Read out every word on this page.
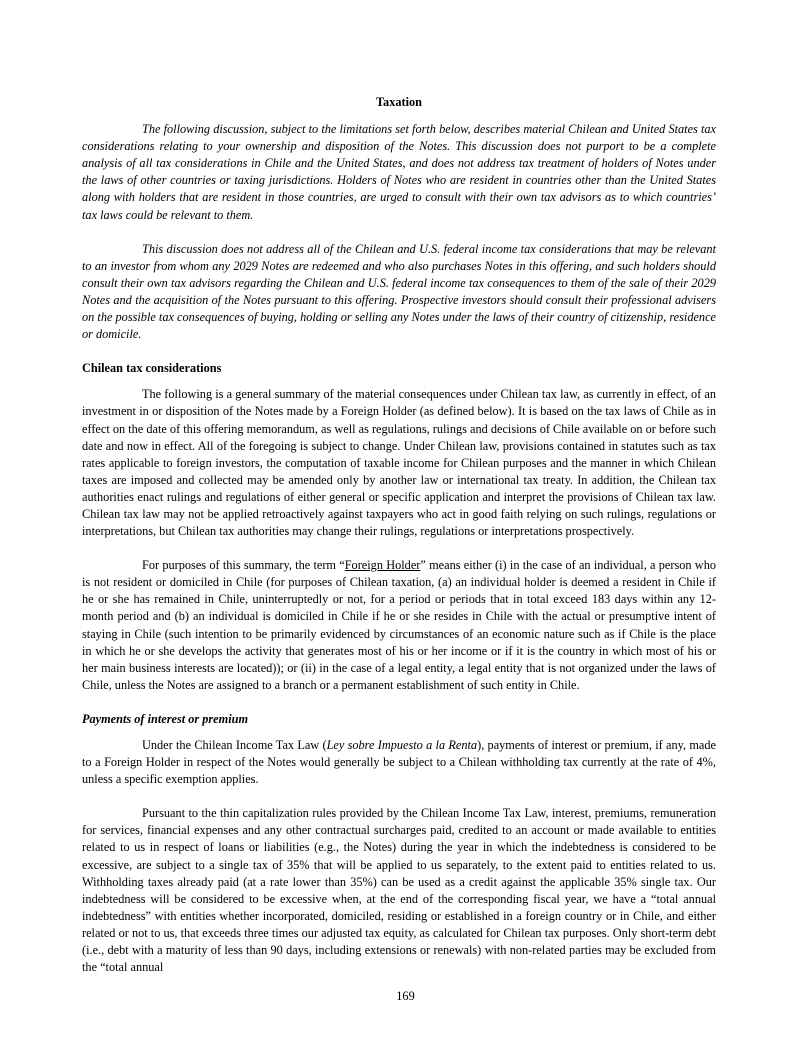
Taxation

The following discussion, subject to the limitations set forth below, describes material Chilean and United States tax considerations relating to your ownership and disposition of the Notes. This discussion does not purport to be a complete analysis of all tax considerations in Chile and the United States, and does not address tax treatment of holders of Notes under the laws of other countries or taxing jurisdictions. Holders of Notes who are resident in countries other than the United States along with holders that are resident in those countries, are urged to consult with their own tax advisors as to which countries’ tax laws could be relevant to them.

This discussion does not address all of the Chilean and U.S. federal income tax considerations that may be relevant to an investor from whom any 2029 Notes are redeemed and who also purchases Notes in this offering, and such holders should consult their own tax advisors regarding the Chilean and U.S. federal income tax consequences to them of the sale of their 2029 Notes and the acquisition of the Notes pursuant to this offering. Prospective investors should consult their professional advisers on the possible tax consequences of buying, holding or selling any Notes under the laws of their country of citizenship, residence or domicile.

Chilean tax considerations

The following is a general summary of the material consequences under Chilean tax law, as currently in effect, of an investment in or disposition of the Notes made by a Foreign Holder (as defined below). It is based on the tax laws of Chile as in effect on the date of this offering memorandum, as well as regulations, rulings and decisions of Chile available on or before such date and now in effect. All of the foregoing is subject to change. Under Chilean law, provisions contained in statutes such as tax rates applicable to foreign investors, the computation of taxable income for Chilean purposes and the manner in which Chilean taxes are imposed and collected may be amended only by another law or international tax treaty. In addition, the Chilean tax authorities enact rulings and regulations of either general or specific application and interpret the provisions of Chilean tax law. Chilean tax law may not be applied retroactively against taxpayers who act in good faith relying on such rulings, regulations or interpretations, but Chilean tax authorities may change their rulings, regulations or interpretations prospectively.

For purposes of this summary, the term “Foreign Holder” means either (i) in the case of an individual, a person who is not resident or domiciled in Chile (for purposes of Chilean taxation, (a) an individual holder is deemed a resident in Chile if he or she has remained in Chile, uninterruptedly or not, for a period or periods that in total exceed 183 days within any 12-month period and (b) an individual is domiciled in Chile if he or she resides in Chile with the actual or presumptive intent of staying in Chile (such intention to be primarily evidenced by circumstances of an economic nature such as if Chile is the place in which he or she develops the activity that generates most of his or her income or if it is the country in which most of his or her main business interests are located)); or (ii) in the case of a legal entity, a legal entity that is not organized under the laws of Chile, unless the Notes are assigned to a branch or a permanent establishment of such entity in Chile.

Payments of interest or premium

Under the Chilean Income Tax Law (Ley sobre Impuesto a la Renta), payments of interest or premium, if any, made to a Foreign Holder in respect of the Notes would generally be subject to a Chilean withholding tax currently at the rate of 4%, unless a specific exemption applies.

Pursuant to the thin capitalization rules provided by the Chilean Income Tax Law, interest, premiums, remuneration for services, financial expenses and any other contractual surcharges paid, credited to an account or made available to entities related to us in respect of loans or liabilities (e.g., the Notes) during the year in which the indebtedness is considered to be excessive, are subject to a single tax of 35% that will be applied to us separately, to the extent paid to entities related to us. Withholding taxes already paid (at a rate lower than 35%) can be used as a credit against the applicable 35% single tax. Our indebtedness will be considered to be excessive when, at the end of the corresponding fiscal year, we have a “total annual indebtedness” with entities whether incorporated, domiciled, residing or established in a foreign country or in Chile, and either related or not to us, that exceeds three times our adjusted tax equity, as calculated for Chilean tax purposes. Only short-term debt (i.e., debt with a maturity of less than 90 days, including extensions or renewals) with non-related parties may be excluded from the “total annual

169
